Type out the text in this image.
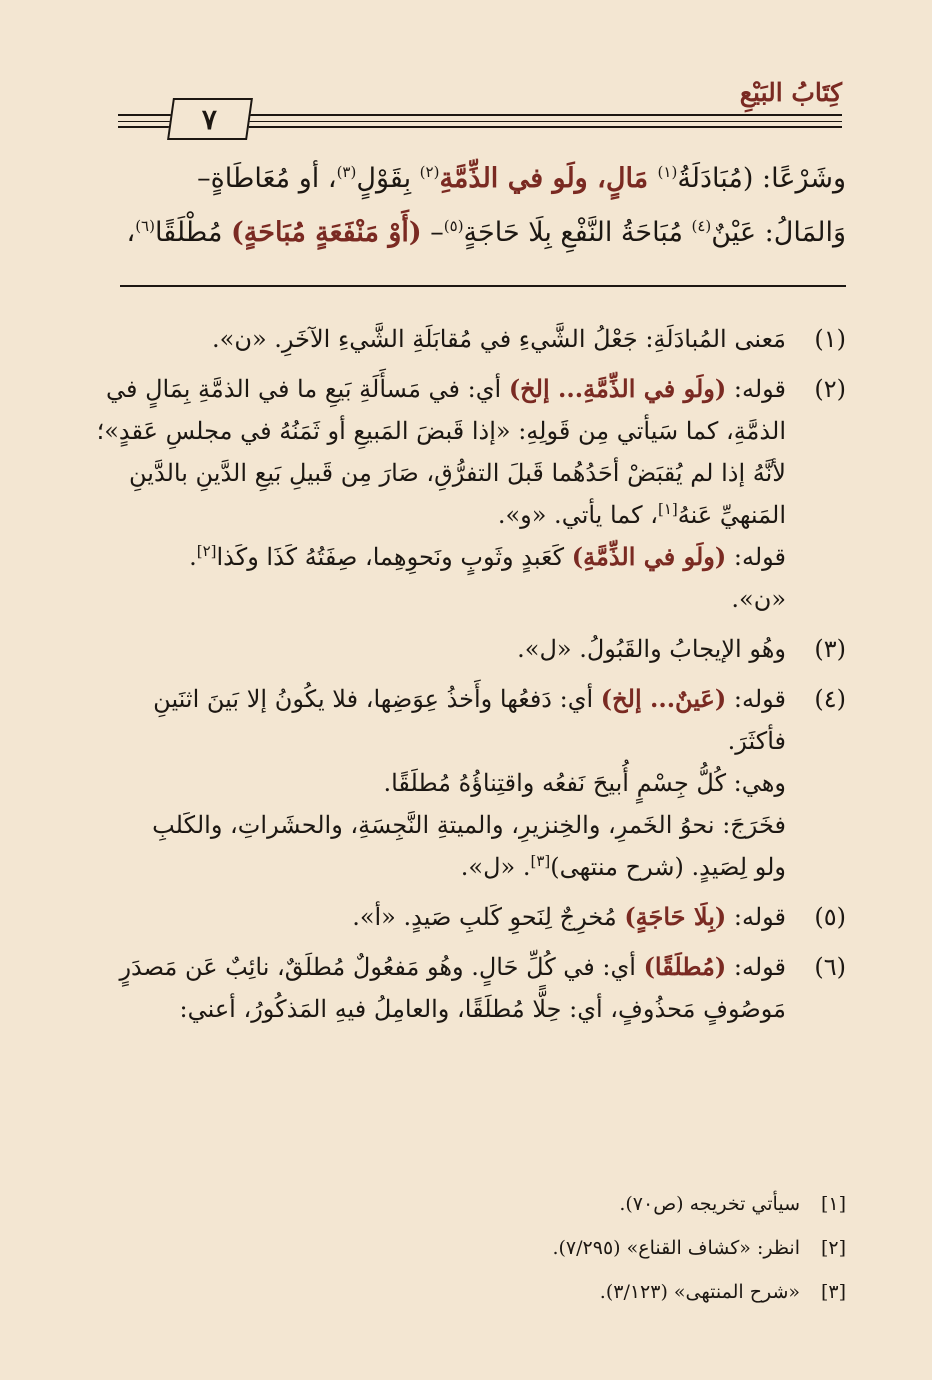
كِتَابُ البَيْعِ
٧
وشَرْعًا: (مُبَادَلَةُ$^{(١)}$ مَالٍ، ولَو في الذِّمَّةِ$^{(٢)}$ بِقَوْلٍ$^{(٣)}$، أو مُعَاطَاةٍ–
وَالمَالُ: عَيْنٌ$^{(٤)}$ مُبَاحَةُ النَّفْعِ بِلَا حَاجَةٍ$^{(٥)}$– (أَوْ مَنْفَعَةٍ مُبَاحَةٍ) مُطْلَقًا$^{(٦)}$،
(١)
مَعنى المُبادَلَةِ: جَعْلُ الشَّيءِ في مُقابَلَةِ الشَّيءِ الآخَرِ. «ن».
(٢)
قوله: (ولَو في الذِّمَّةِ... إلخ) أي: في مَسأَلَةِ بَيعِ ما في الذمَّةِ بِمَالٍ في
الذمَّةِ، كما سَيأتي مِن قَولِهِ: «إذا قَبضَ المَبيعِ أو ثَمَنُهُ في مجلسِ عَقدٍ»؛
لأنَّهُ إذا لم يُقبَضْ أحَدُهُما قَبلَ التفرُّقِ، صَارَ مِن قَبيلِ بَيعِ الدَّينِ بالدَّينِ
المَنهيِّ عَنهُ[١]، كما يأتي. «و».
قوله: (ولَو في الذِّمَّةِ) كَعَبدٍ وثَوبٍ ونَحوِهِما، صِفَتُهُ كَذَا وكَذا[٢].
«ن».
(٣)
وهُو الإيجابُ والقَبُولُ. «ل».
(٤)
قوله: (عَينٌ... إلخ) أي: دَفعُها وأَخذُ عِوَضِها، فلا يكُونُ إلا بَينَ اثنَينِ
فأكثَرَ.
وهي: كُلُّ جِسْمٍ أُبيحَ نَفعُه واقتِناؤُهُ مُطلَقًا.
فخَرَجَ: نحوُ الخَمرِ، والخِنزيرِ، والميتةِ النَّجِسَةِ، والحشَراتِ، والكَلبِ
ولو لِصَيدٍ. (شرح منتهى)[٣]. «ل».
(٥)
قوله: (بِلَا حَاجَةٍ) مُخرِجٌ لِنَحوِ كَلبِ صَيدٍ. «أ».
(٦)
قوله: (مُطلَقًا) أي: في كُلِّ حَالٍ. وهُو مَفعُولٌ مُطلَقٌ، نائِبٌ عَن مَصدَرٍ
مَوصُوفٍ مَحذُوفٍ، أي: حِلًّا مُطلَقًا، والعامِلُ فيهِ المَذكُورُ، أعني:
[١]سيأتي تخريجه (ص٧٠).
[٢]انظر: «كشاف القناع» (٧/٢٩٥).
[٣]«شرح المنتهى» (٣/١٢٣).
